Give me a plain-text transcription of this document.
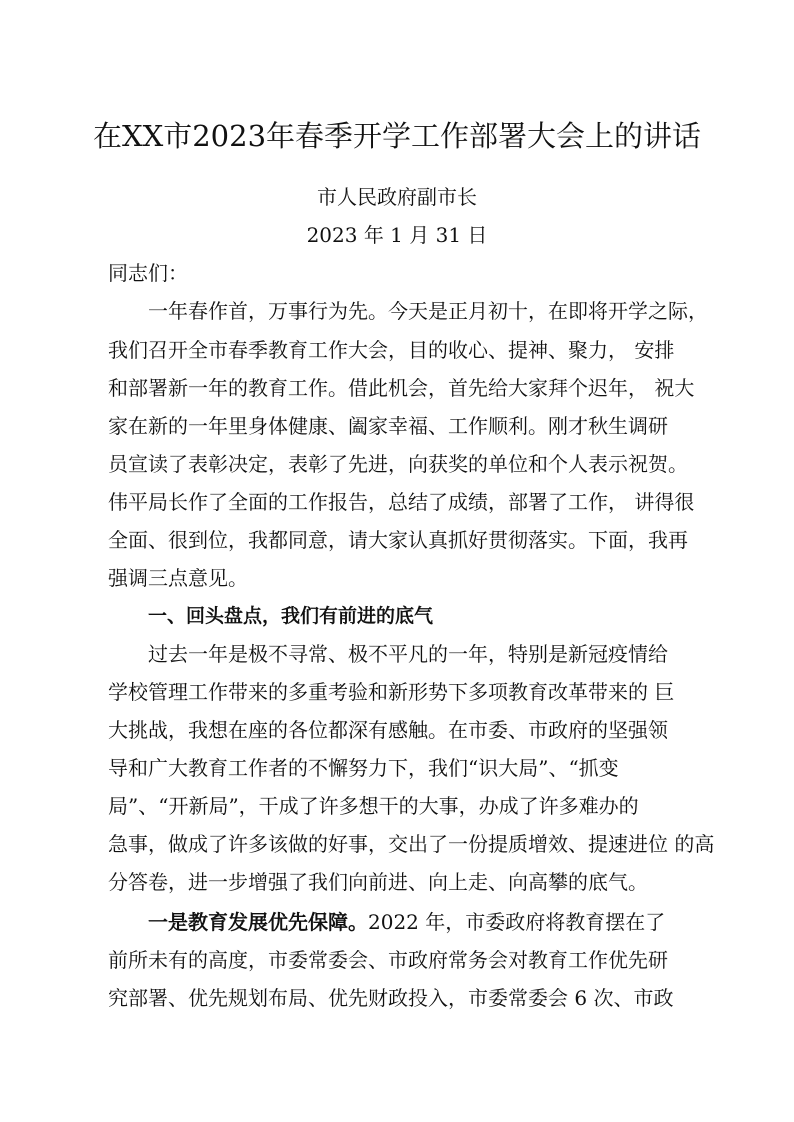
在XX市2023年春季开学工作部署大会上的讲话
市人民政府副市长
2023 年 1 月 31 日
同志们：
一年春作首，万事行为先。今天是正月初十，在即将开学之际，
我们召开全市春季教育工作大会，目的收心、提神、聚力， 安排
和部署新一年的教育工作。借此机会，首先给大家拜个迟年， 祝大
家在新的一年里身体健康、阖家幸福、工作顺利。刚才秋生调研
员宣读了表彰决定，表彰了先进，向获奖的单位和个人表示祝贺。
伟平局长作了全面的工作报告，总结了成绩，部署了工作， 讲得很
全面、很到位，我都同意，请大家认真抓好贯彻落实。下面，我再
强调三点意见。
一、回头盘点，我们有前进的底气
过去一年是极不寻常、极不平凡的一年，特别是新冠疫情给
学校管理工作带来的多重考验和新形势下多项教育改革带来的 巨
大挑战，我想在座的各位都深有感触。在市委、市政府的坚强领
导和广大教育工作者的不懈努力下，我们“识大局”、“抓变
局”、“开新局”，干成了许多想干的大事，办成了许多难办的
急事，做成了许多该做的好事，交出了一份提质增效、提速进位 的高
分答卷，进一步增强了我们向前进、向上走、向高攀的底气。
一是教育发展优先保障。2022 年，市委政府将教育摆在了
前所未有的高度，市委常委会、市政府常务会对教育工作优先研
究部署、优先规划布局、优先财政投入，市委常委会 6 次、市政
